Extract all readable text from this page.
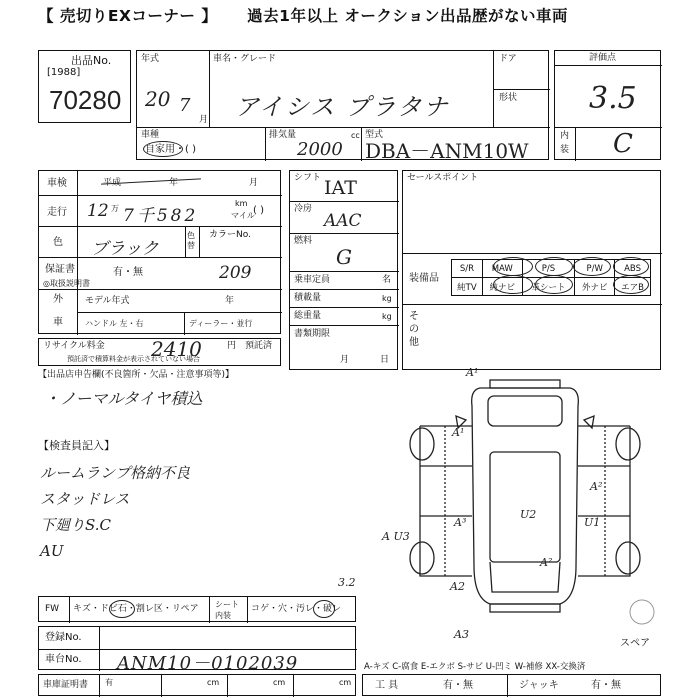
【 売切りEXコーナー 】 過去1年以上 オークション出品歴がない車両
出品No.
[1988]
70280
年式
20 7
月
車名・グレード
アイシス プラタナ
ドア
形状
車種
自家用・( )
排気量	cc
2000
型式
DBA－ANM10W
評価点
3.5
内
装 C
車検	平成	年	月
走行 12 万 7千582
km
マイル
( )
色 ブラック
色替
カラーNo.
保証書	有・無
◎取扱説明書
209
外
車
モデル年式	年
ハンドル 左・右	ディーラー・並行
リサイクル料金 2410	円 預託済
預託済で積算料金が表示されていない場合
シフト IAT
冷房
AAC
燃料
G
乗車定員	名
積載量	kg
総重量	kg
書類期限
月	日
セールスポイント
装備品
S/R	MAW	P/S	P/W	ABS
純TV	純ナビ	革シート	外ナビ	エアB
そ
の
他
【出品店申告欄(不良箇所・欠品・注意事項等)】
・ノーマルタイヤ積込
【検査員記入】
ルームランプ格納不良
スタッドレス
下廻りS.C
AU
A¹
A¹
A²
A³
U2
U1
A²
A U3
A2
A3
スペア
FW キズ・ドビ石・割レ区・リペア シート
内装
コゲ・穴・汚レ・破レ
3.2
登録No.
車台No. ANM10－0102039
車庫証明書 有	cm	cm	cm
A-キズ C-腐食 E-エクボ S-サビ U-凹ミ W-補修 XX-交換済
工 具	有・無	ジャッキ	有・無
